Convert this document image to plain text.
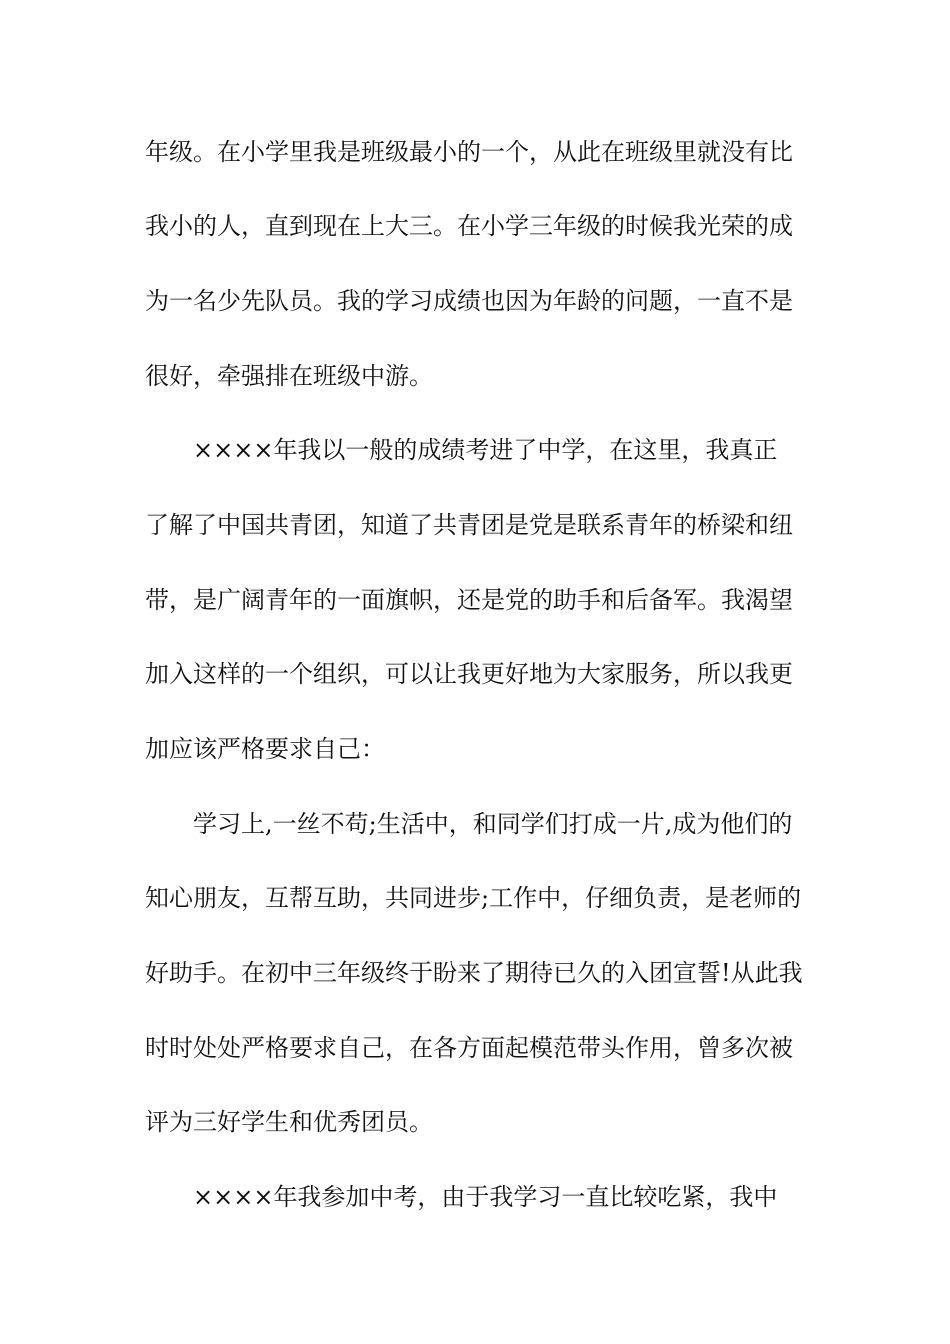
年级。在小学里我是班级最小的一个，从此在班级里就没有比
我小的人，直到现在上大三。在小学三年级的时候我光荣的成
为一名少先队员。我的学习成绩也因为年龄的问题，一直不是
很好，牵强排在班级中游。
××××年我以一般的成绩考进了中学，在这里，我真正
了解了中国共青团，知道了共青团是党是联系青年的桥梁和纽
带，是广阔青年的一面旗帜，还是党的助手和后备军。我渴望
加入这样的一个组织，可以让我更好地为大家服务，所以我更
加应该严格要求自己：
学习上,一丝不苟;生活中，和同学们打成一片,成为他们的
知心朋友，互帮互助，共同进步;工作中，仔细负责，是老师的
好助手。在初中三年级终于盼来了期待已久的入团宣誓!从此我
时时处处严格要求自己，在各方面起模范带头作用，曾多次被
评为三好学生和优秀团员。
××××年我参加中考，由于我学习一直比较吃紧，我中
